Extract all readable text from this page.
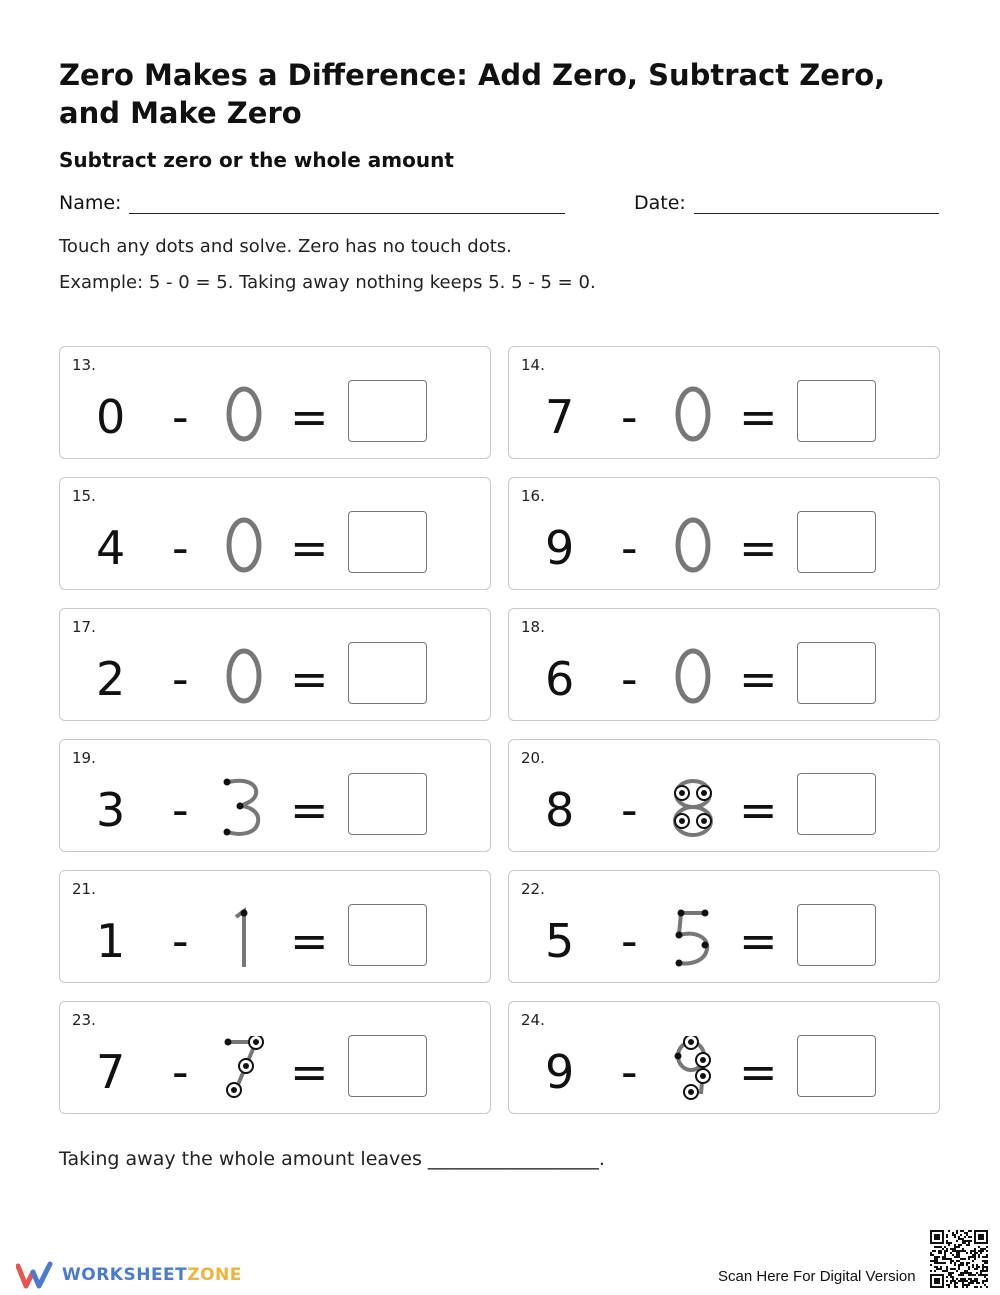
Zero Makes a Difference: Add Zero, Subtract Zero, and Make Zero
Subtract zero or the whole amount
Name:	Date:

Touch any dots and solve. Zero has no touch dots.

Example: 5 - 0 = 5. Taking away nothing keeps 5. 5 - 5 = 0.

13.
0 - =
14.
7 - =
15.
4 - =
16.
9 - =
17.
2 - =
18.
6 - =
19.
3 - =
20.
8 - =
21.
1 - =
22.
5 - =
23.
7 - =
24.
9 - =
Taking away the whole amount leaves __________________.
WORKSHEETZONE	Scan Here For Digital Version
